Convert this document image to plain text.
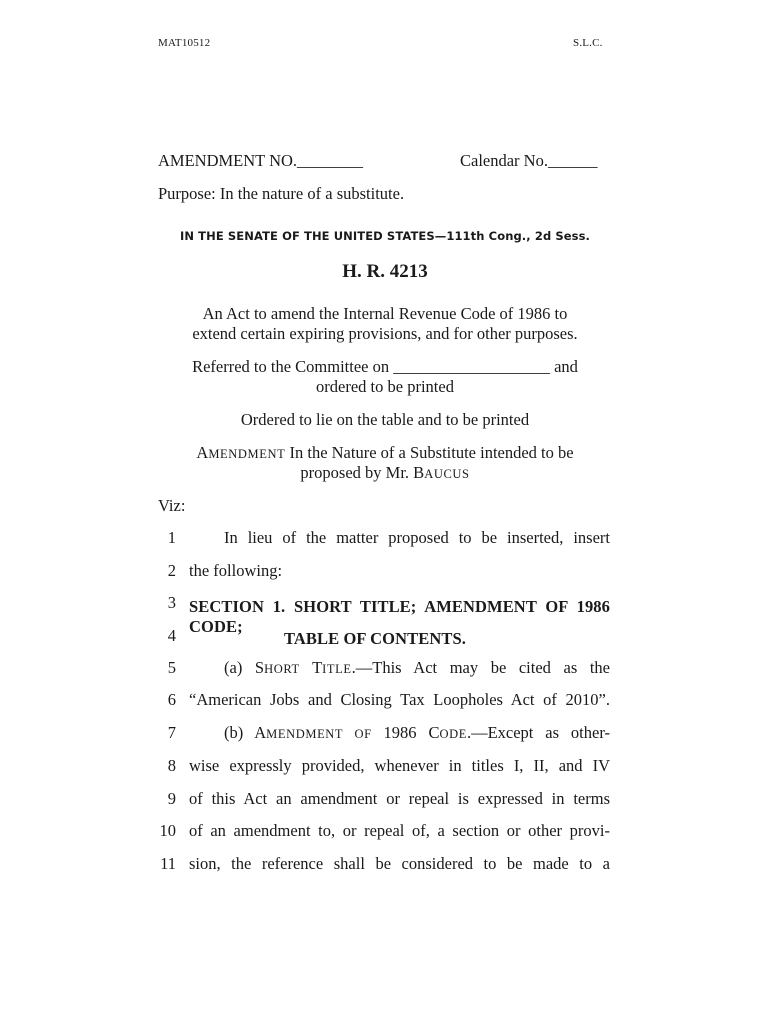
MAT10512	S.L.C.
AMENDMENT NO.________	Calendar No.______
Purpose: In the nature of a substitute.
IN THE SENATE OF THE UNITED STATES—111th Cong., 2d Sess.
H. R. 4213
An Act to amend the Internal Revenue Code of 1986 to
extend certain expiring provisions, and for other purposes.
Referred to the Committee on ___________________ and
ordered to be printed
Ordered to lie on the table and to be printed
AMENDMENT In the Nature of a Substitute intended to be
proposed by Mr. BAUCUS
Viz:
1	In lieu of the matter proposed to be inserted, insert
2 the following:
3 SECTION 1. SHORT TITLE; AMENDMENT OF 1986 CODE;
4	TABLE OF CONTENTS.
5	(a) SHORT TITLE.—This Act may be cited as the
6 “American Jobs and Closing Tax Loopholes Act of 2010”.
7	(b) AMENDMENT OF 1986 CODE.—Except as other-
8 wise expressly provided, whenever in titles I, II, and IV
9 of this Act an amendment or repeal is expressed in terms
10 of an amendment to, or repeal of, a section or other provi-
11 sion, the reference shall be considered to be made to a
